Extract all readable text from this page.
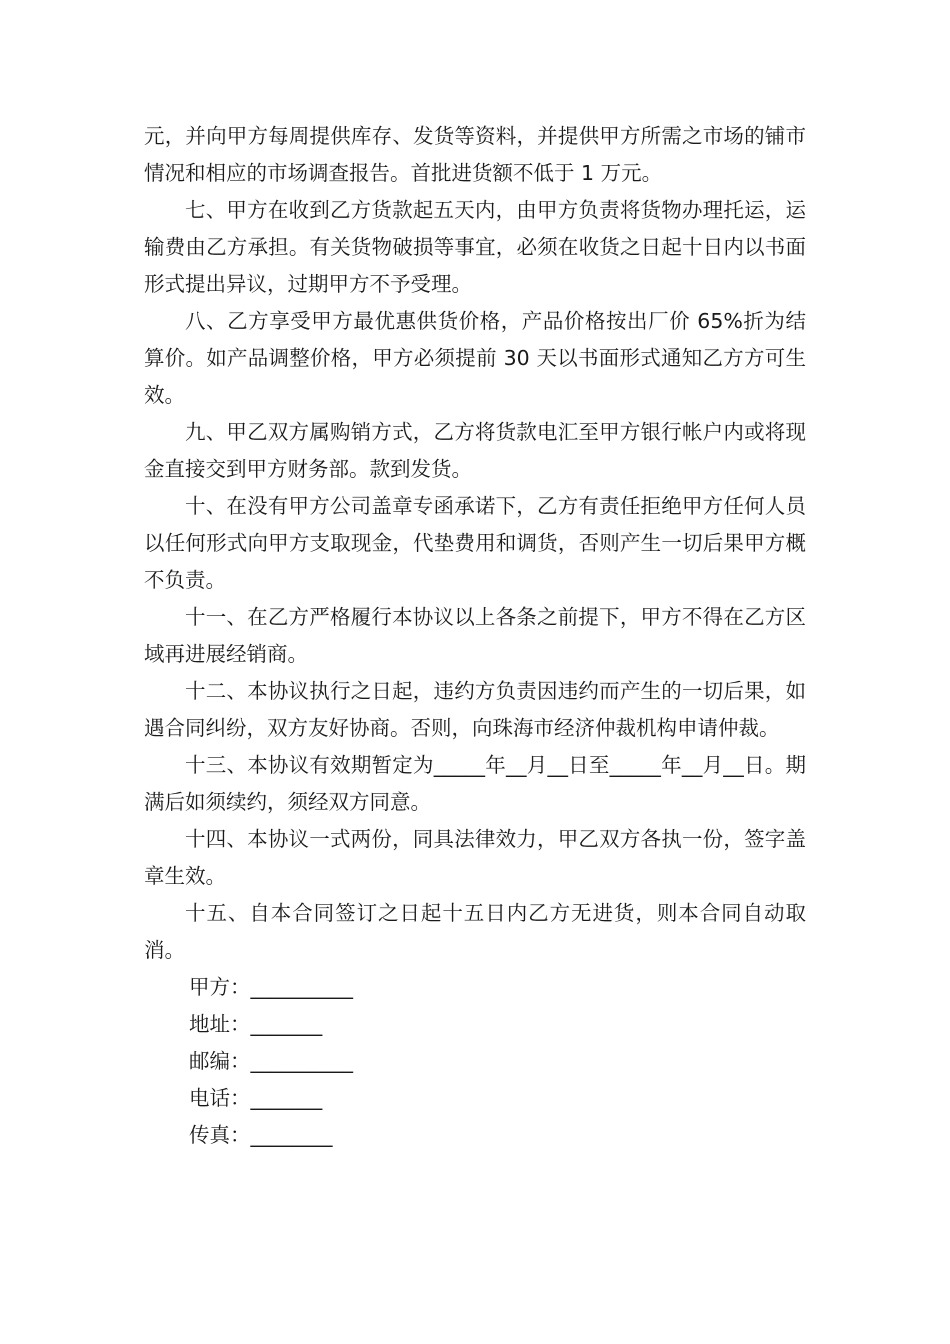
元，并向甲方每周提供库存、发货等资料，并提供甲方所需之市场的铺市情况和相应的市场调查报告。首批进货额不低于 1 万元。

七、甲方在收到乙方货款起五天内，由甲方负责将货物办理托运，运输费由乙方承担。有关货物破损等事宜，必须在收货之日起十日内以书面形式提出异议，过期甲方不予受理。

八、乙方享受甲方最优惠供货价格，产品价格按出厂价 65%折为结算价。如产品调整价格，甲方必须提前 30 天以书面形式通知乙方方可生效。

九、甲乙双方属购销方式，乙方将货款电汇至甲方银行帐户内或将现金直接交到甲方财务部。款到发货。

十、在没有甲方公司盖章专函承诺下，乙方有责任拒绝甲方任何人员以任何形式向甲方支取现金，代垫费用和调货，否则产生一切后果甲方概不负责。

十一、在乙方严格履行本协议以上各条之前提下，甲方不得在乙方区域再进展经销商。

十二、本协议执行之日起，违约方负责因违约而产生的一切后果，如遇合同纠纷，双方友好协商。否则，向珠海市经济仲裁机构申请仲裁。

十三、本协议有效期暂定为_____年__月__日至_____年__月__日。期满后如须续约，须经双方同意。

十四、本协议一式两份，同具法律效力，甲乙双方各执一份，签字盖章生效。

十五、自本合同签订之日起十五日内乙方无进货，则本合同自动取消。

甲方：__________

地址：_______

邮编：__________

电话：_______

传真：________
